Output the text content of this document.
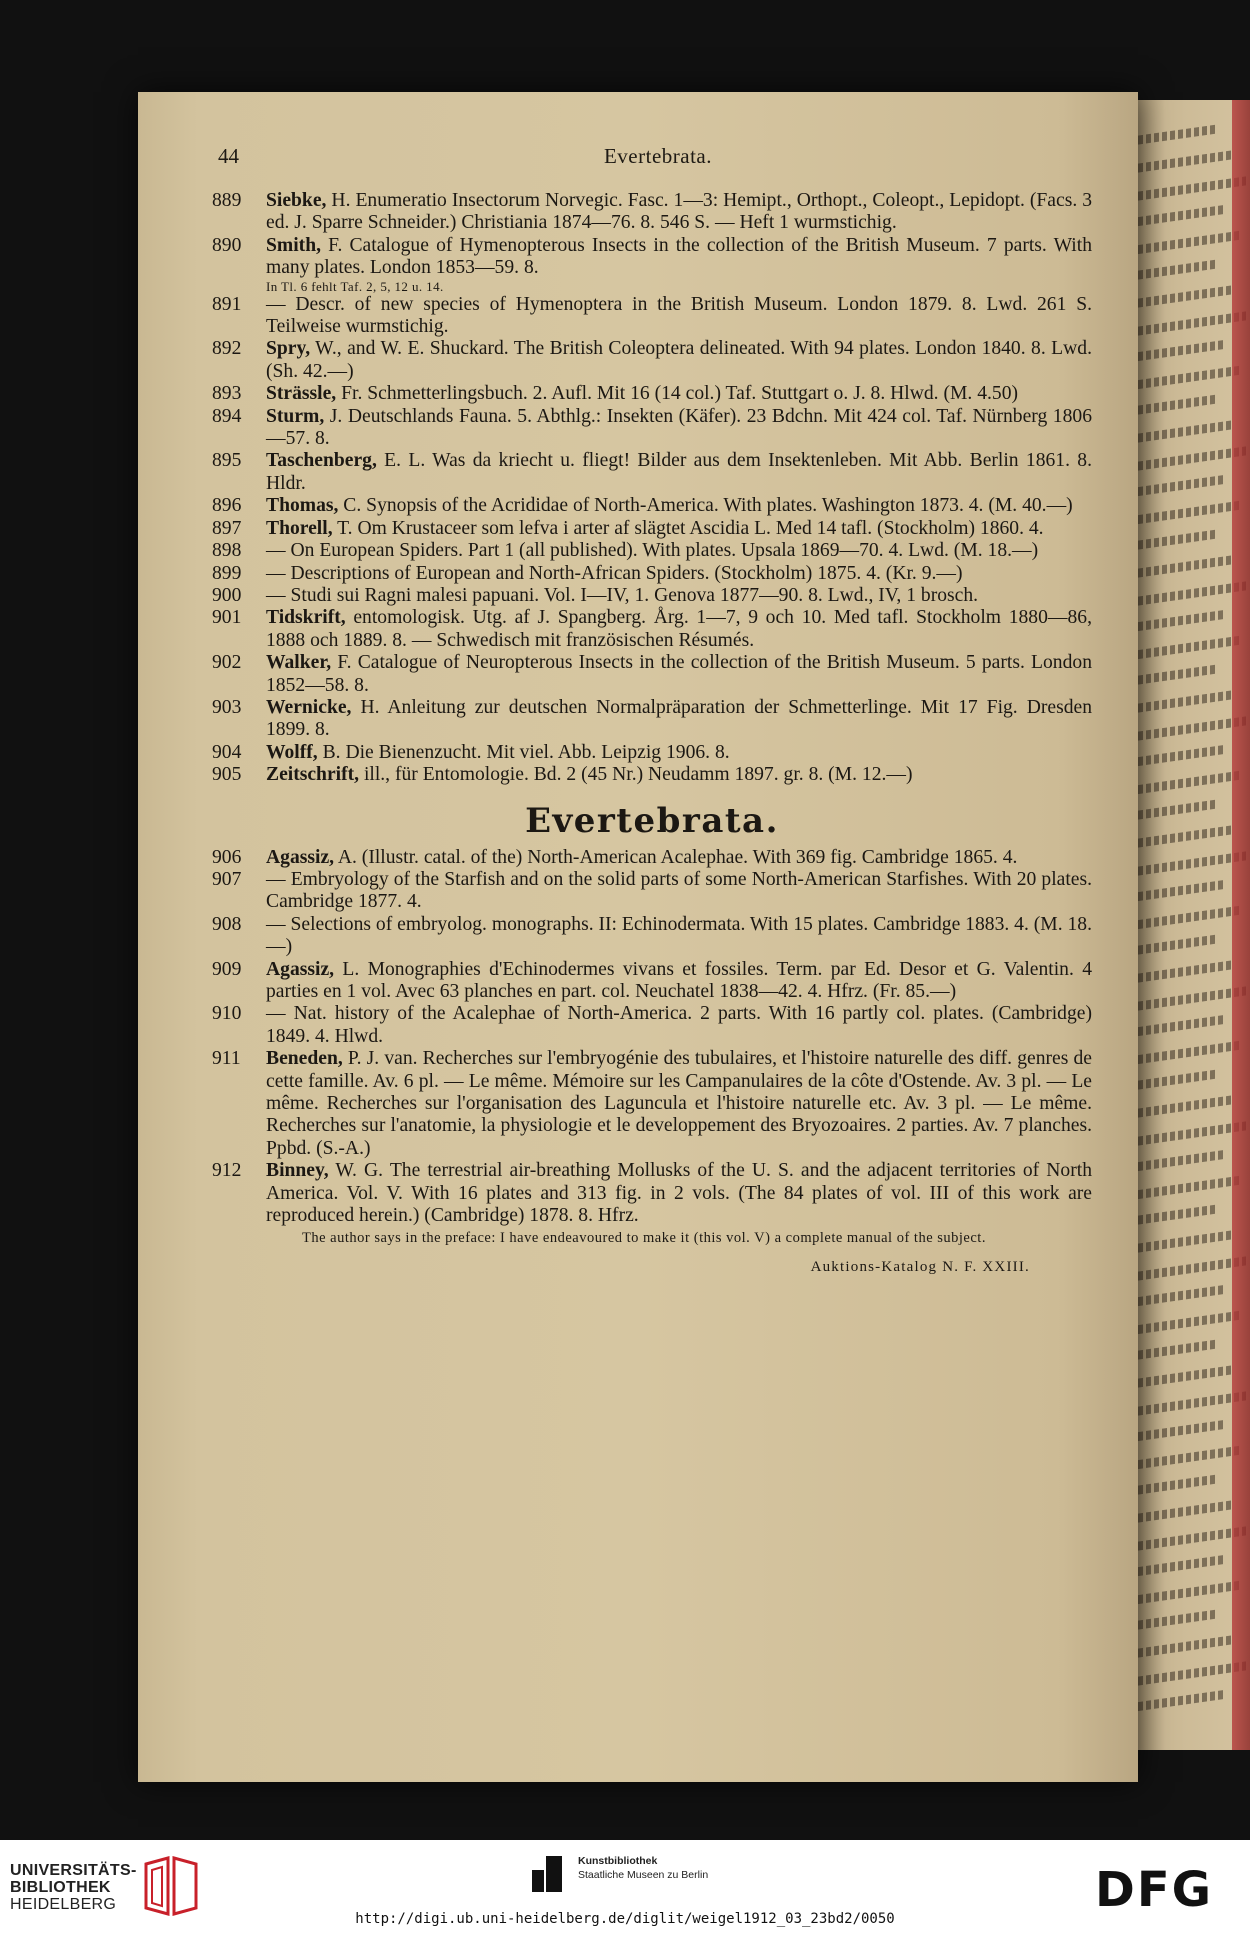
44	Evertebrata.

889 Siebke, H. Enumeratio Insectorum Norvegic. Fasc. 1—3: Hemipt., Orthopt., Coleopt., Lepidopt. (Facs. 3 ed. J. Sparre Schneider.) Christiania 1874—76. 8. 546 S. — Heft 1 wurmstichig.

890 Smith, F. Catalogue of Hymenopterous Insects in the collection of the British Museum. 7 parts. With many plates. London 1853—59. 8.
In Tl. 6 fehlt Taf. 2, 5, 12 u. 14.

891 — Descr. of new species of Hymenoptera in the British Museum. London 1879. 8. Lwd. 261 S. Teilweise wurmstichig.

892 Spry, W., and W. E. Shuckard. The British Coleoptera delineated. With 94 plates. London 1840. 8. Lwd. (Sh. 42.—)

893 Strässle, Fr. Schmetterlingsbuch. 2. Aufl. Mit 16 (14 col.) Taf. Stuttgart o. J. 8. Hlwd. (M. 4.50)

894 Sturm, J. Deutschlands Fauna. 5. Abthlg.: Insekten (Käfer). 23 Bdchn. Mit 424 col. Taf. Nürnberg 1806—57. 8.

895 Taschenberg, E. L. Was da kriecht u. fliegt! Bilder aus dem Insektenleben. Mit Abb. Berlin 1861. 8. Hldr.

896 Thomas, C. Synopsis of the Acrididae of North-America. With plates. Washington 1873. 4. (M. 40.—)

897 Thorell, T. Om Krustaceer som lefva i arter af slägtet Ascidia L. Med 14 tafl. (Stockholm) 1860. 4.

898 — On European Spiders. Part 1 (all published). With plates. Upsala 1869—70. 4. Lwd. (M. 18.—)

899 — Descriptions of European and North-African Spiders. (Stockholm) 1875. 4. (Kr. 9.—)

900 — Studi sui Ragni malesi papuani. Vol. I—IV, 1. Genova 1877—90. 8. Lwd., IV, 1 brosch.

901 Tidskrift, entomologisk. Utg. af J. Spangberg. Årg. 1—7, 9 och 10. Med tafl. Stockholm 1880—86, 1888 och 1889. 8. — Schwedisch mit französischen Résumés.

902 Walker, F. Catalogue of Neuropterous Insects in the collection of the British Museum. 5 parts. London 1852—58. 8.

903 Wernicke, H. Anleitung zur deutschen Normalpräparation der Schmetterlinge. Mit 17 Fig. Dresden 1899. 8.

904 Wolff, B. Die Bienenzucht. Mit viel. Abb. Leipzig 1906. 8.

905 Zeitschrift, ill., für Entomologie. Bd. 2 (45 Nr.) Neudamm 1897. gr. 8. (M. 12.—)

Evertebrata.

906 Agassiz, A. (Illustr. catal. of the) North-American Acalephae. With 369 fig. Cambridge 1865. 4.

907 — Embryology of the Starfish and on the solid parts of some North-American Starfishes. With 20 plates. Cambridge 1877. 4.

908 — Selections of embryolog. monographs. II: Echinodermata. With 15 plates. Cambridge 1883. 4. (M. 18.—)

909 Agassiz, L. Monographies d'Echinodermes vivans et fossiles. Term. par Ed. Desor et G. Valentin. 4 parties en 1 vol. Avec 63 planches en part. col. Neuchatel 1838—42. 4. Hfrz. (Fr. 85.—)

910 — Nat. history of the Acalephae of North-America. 2 parts. With 16 partly col. plates. (Cambridge) 1849. 4. Hlwd.

911 Beneden, P. J. van. Recherches sur l'embryogénie des tubulaires, et l'histoire naturelle des diff. genres de cette famille. Av. 6 pl. — Le même. Mémoire sur les Campanulaires de la côte d'Ostende. Av. 3 pl. — Le même. Recherches sur l'organisation des Laguncula et l'histoire naturelle etc. Av. 3 pl. — Le même. Recherches sur l'anatomie, la physiologie et le developpement des Bryozoaires. 2 parties. Av. 7 planches. Ppbd. (S.-A.)

912 Binney, W. G. The terrestrial air-breathing Mollusks of the U. S. and the adjacent territories of North America. Vol. V. With 16 plates and 313 fig. in 2 vols. (The 84 plates of vol. III of this work are reproduced herein.) (Cambridge) 1878. 8. Hfrz.
The author says in the preface: I have endeavoured to make it (this vol. V) a complete manual of the subject.

Auktions-Katalog N. F. XXIII.
UNIVERSITÄTS-
BIBLIOTHEK
HEIDELBERG
Kunstbibliothek
Staatliche Museen zu Berlin	DFG
http://digi.ub.uni-heidelberg.de/diglit/weigel1912_03_23bd2/0050
